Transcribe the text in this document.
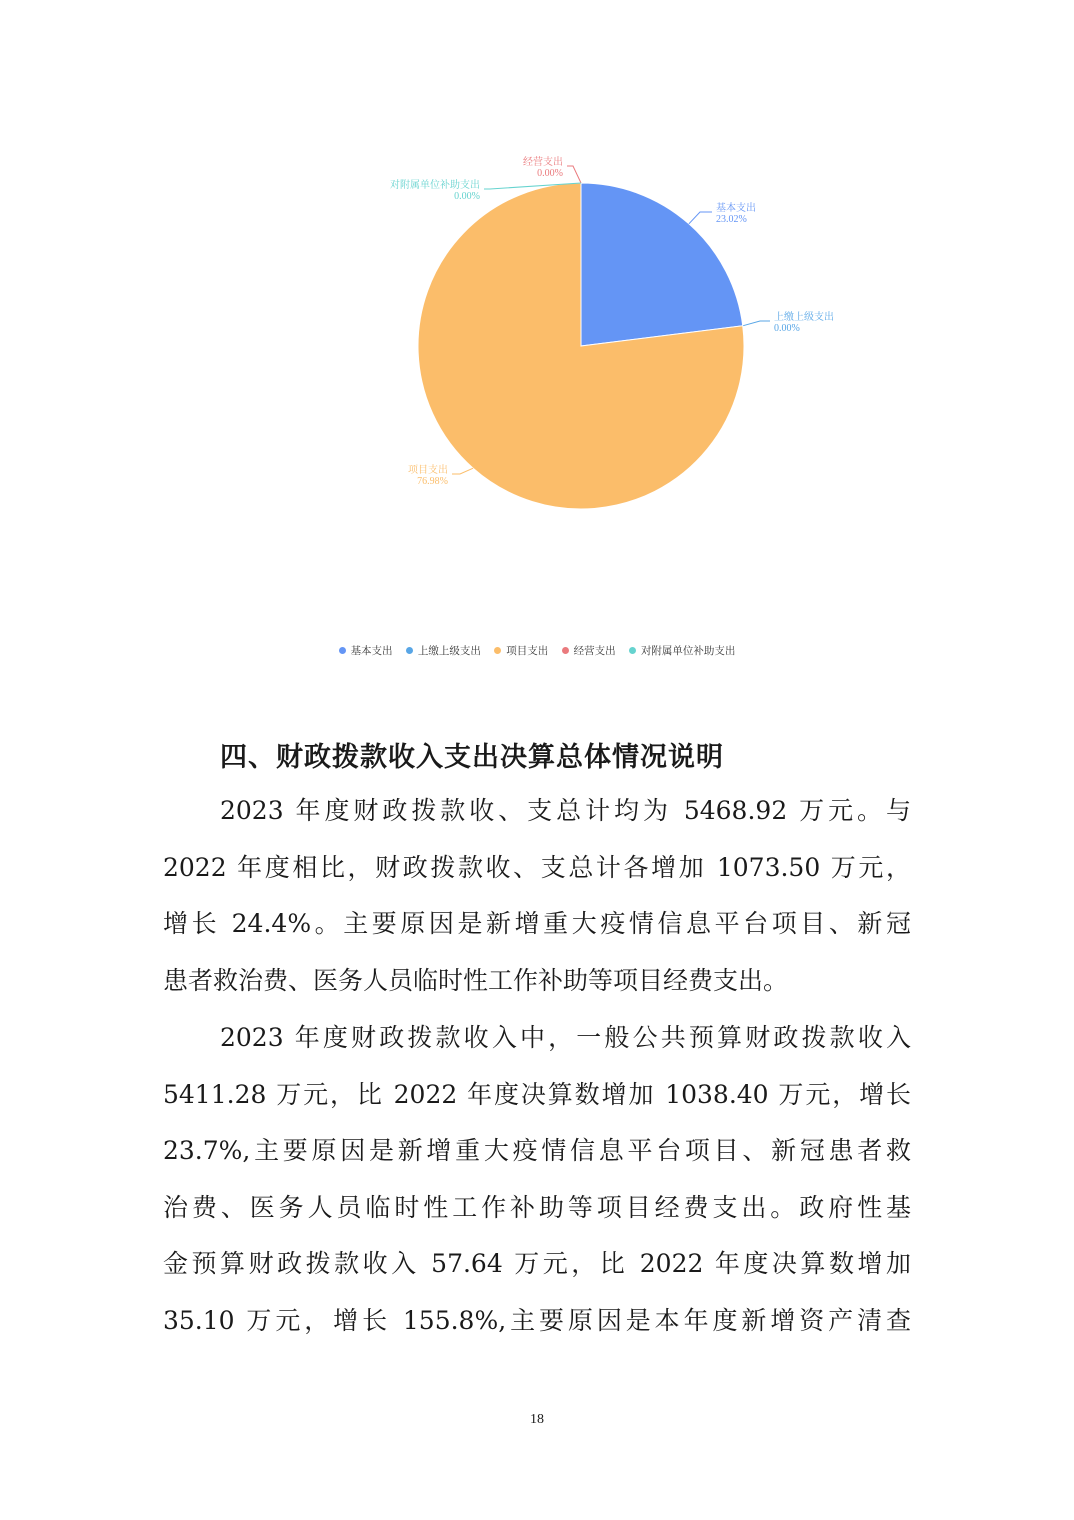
基本支出
23.02%
上缴上级支出
0.00%
项目支出
76.98%
经营支出
0.00%
对附属单位补助支出
0.00%
基本支出
上缴上级支出
项目支出
经营支出
对附属单位补助支出
四、财政拨款收入支出决算总体情况说明
2023 年度财政拨款收、支总计均为 5468.92 万元。与
2022 年度相比，财政拨款收、支总计各增加 1073.50 万元，
增长 24.4%。主要原因是新增重大疫情信息平台项目、新冠
患者救治费、医务人员临时性工作补助等项目经费支出。
2023 年度财政拨款收入中，一般公共预算财政拨款收入
5411.28 万元，比 2022 年度决算数增加 1038.40 万元，增长
23.7%,主要原因是新增重大疫情信息平台项目、新冠患者救
治费、医务人员临时性工作补助等项目经费支出。政府性基
金预算财政拨款收入 57.64 万元，比 2022 年度决算数增加
35.10 万元，增长 155.8%,主要原因是本年度新增资产清查
18
